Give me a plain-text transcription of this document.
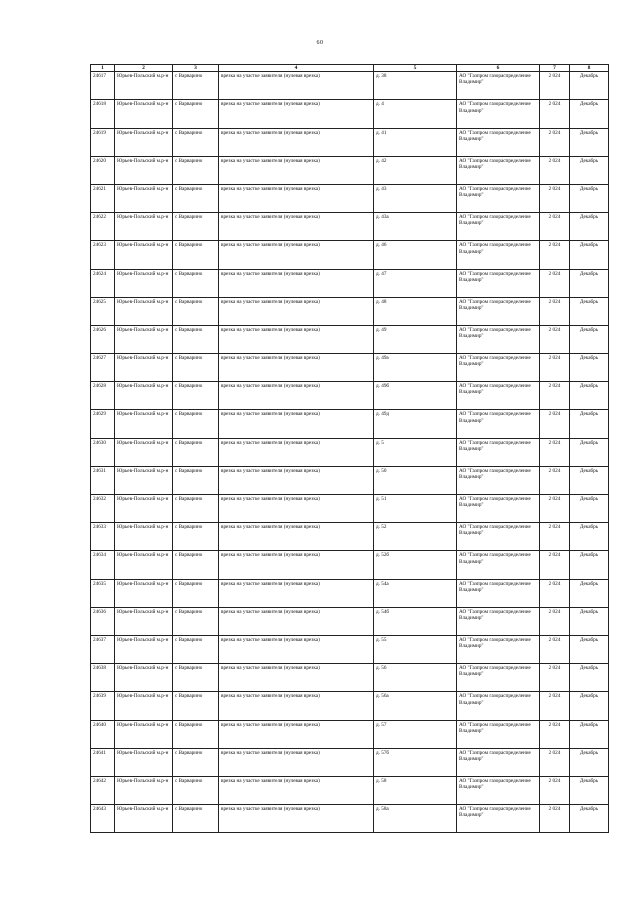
60
1	2	3	4	5	6	7	8
24617	Юрьев-Польский м.р-н	с Варварино	врезка на участке заявителя (нулевая врезка)	д. 38	АО "Газпром газораспределение Владимир"	2 024	Декабрь
24618	Юрьев-Польский м.р-н	с Варварино	врезка на участке заявителя (нулевая врезка)	д. 4	АО "Газпром газораспределение Владимир"	2 024	Декабрь
24619	Юрьев-Польский м.р-н	с Варварино	врезка на участке заявителя (нулевая врезка)	д. 41	АО "Газпром газораспределение Владимир"	2 024	Декабрь
24620	Юрьев-Польский м.р-н	с Варварино	врезка на участке заявителя (нулевая врезка)	д. 42	АО "Газпром газораспределение Владимир"	2 024	Декабрь
24621	Юрьев-Польский м.р-н	с Варварино	врезка на участке заявителя (нулевая врезка)	д. 43	АО "Газпром газораспределение Владимир"	2 024	Декабрь
24622	Юрьев-Польский м.р-н	с Варварино	врезка на участке заявителя (нулевая врезка)	д. 43а	АО "Газпром газораспределение Владимир"	2 024	Декабрь
24623	Юрьев-Польский м.р-н	с Варварино	врезка на участке заявителя (нулевая врезка)	д. 46	АО "Газпром газораспределение Владимир"	2 024	Декабрь
24624	Юрьев-Польский м.р-н	с Варварино	врезка на участке заявителя (нулевая врезка)	д. 47	АО "Газпром газораспределение Владимир"	2 024	Декабрь
24625	Юрьев-Польский м.р-н	с Варварино	врезка на участке заявителя (нулевая врезка)	д. 48	АО "Газпром газораспределение Владимир"	2 024	Декабрь
24626	Юрьев-Польский м.р-н	с Варварино	врезка на участке заявителя (нулевая врезка)	д. 49	АО "Газпром газораспределение Владимир"	2 024	Декабрь
24627	Юрьев-Польский м.р-н	с Варварино	врезка на участке заявителя (нулевая врезка)	д. 49а	АО "Газпром газораспределение Владимир"	2 024	Декабрь
24628	Юрьев-Польский м.р-н	с Варварино	врезка на участке заявителя (нулевая врезка)	д. 49б	АО "Газпром газораспределение Владимир"	2 024	Декабрь
24629	Юрьев-Польский м.р-н	с Варварино	врезка на участке заявителя (нулевая врезка)	д. 49д	АО "Газпром газораспределение Владимир"	2 024	Декабрь
24630	Юрьев-Польский м.р-н	с Варварино	врезка на участке заявителя (нулевая врезка)	д. 5	АО "Газпром газораспределение Владимир"	2 024	Декабрь
24631	Юрьев-Польский м.р-н	с Варварино	врезка на участке заявителя (нулевая врезка)	д. 50	АО "Газпром газораспределение Владимир"	2 024	Декабрь
24632	Юрьев-Польский м.р-н	с Варварино	врезка на участке заявителя (нулевая врезка)	д. 51	АО "Газпром газораспределение Владимир"	2 024	Декабрь
24633	Юрьев-Польский м.р-н	с Варварино	врезка на участке заявителя (нулевая врезка)	д. 52	АО "Газпром газораспределение Владимир"	2 024	Декабрь
24634	Юрьев-Польский м.р-н	с Варварино	врезка на участке заявителя (нулевая врезка)	д. 52б	АО "Газпром газораспределение Владимир"	2 024	Декабрь
24635	Юрьев-Польский м.р-н	с Варварино	врезка на участке заявителя (нулевая врезка)	д. 54а	АО "Газпром газораспределение Владимир"	2 024	Декабрь
24636	Юрьев-Польский м.р-н	с Варварино	врезка на участке заявителя (нулевая врезка)	д. 54б	АО "Газпром газораспределение Владимир"	2 024	Декабрь
24637	Юрьев-Польский м.р-н	с Варварино	врезка на участке заявителя (нулевая врезка)	д. 55	АО "Газпром газораспределение Владимир"	2 024	Декабрь
24638	Юрьев-Польский м.р-н	с Варварино	врезка на участке заявителя (нулевая врезка)	д. 56	АО "Газпром газораспределение Владимир"	2 024	Декабрь
24639	Юрьев-Польский м.р-н	с Варварино	врезка на участке заявителя (нулевая врезка)	д. 56а	АО "Газпром газораспределение Владимир"	2 024	Декабрь
24640	Юрьев-Польский м.р-н	с Варварино	врезка на участке заявителя (нулевая врезка)	д. 57	АО "Газпром газораспределение Владимир"	2 024	Декабрь
24641	Юрьев-Польский м.р-н	с Варварино	врезка на участке заявителя (нулевая врезка)	д. 57б	АО "Газпром газораспределение Владимир"	2 024	Декабрь
24642	Юрьев-Польский м.р-н	с Варварино	врезка на участке заявителя (нулевая врезка)	д. 58	АО "Газпром газораспределение Владимир"	2 024	Декабрь
24643	Юрьев-Польский м.р-н	с Варварино	врезка на участке заявителя (нулевая врезка)	д. 58а	АО "Газпром газораспределение Владимир"	2 024	Декабрь
